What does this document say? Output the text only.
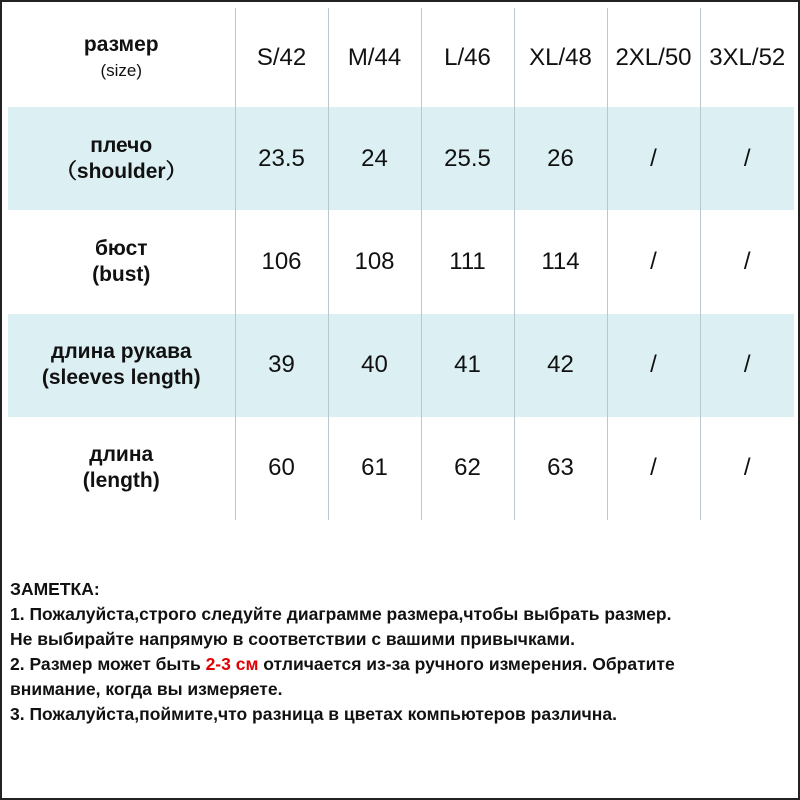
размер
(size)	S/42	M/44	L/46	XL/48	2XL/50	3XL/52

плечо
（shoulder）	23.5	24	25.5	26	/	/

бюст
(bust)	106	108	111	114	/	/

длина рукава
(sleeves length)	39	40	41	42	/	/

длина
(length)	60	61	62	63	/	/

ЗАМЕТКА:

1. Пожалуйста,строго следуйте диаграмме размера,чтобы выбрать размер.

Не выбирайте напрямую в соответствии с вашими привычками.

2. Размер может быть 2-3 см отличается из-за ручного измерения. Обратите

внимание, когда вы измеряете.

3. Пожалуйста,поймите,что разница в цветах компьютеров различна.
